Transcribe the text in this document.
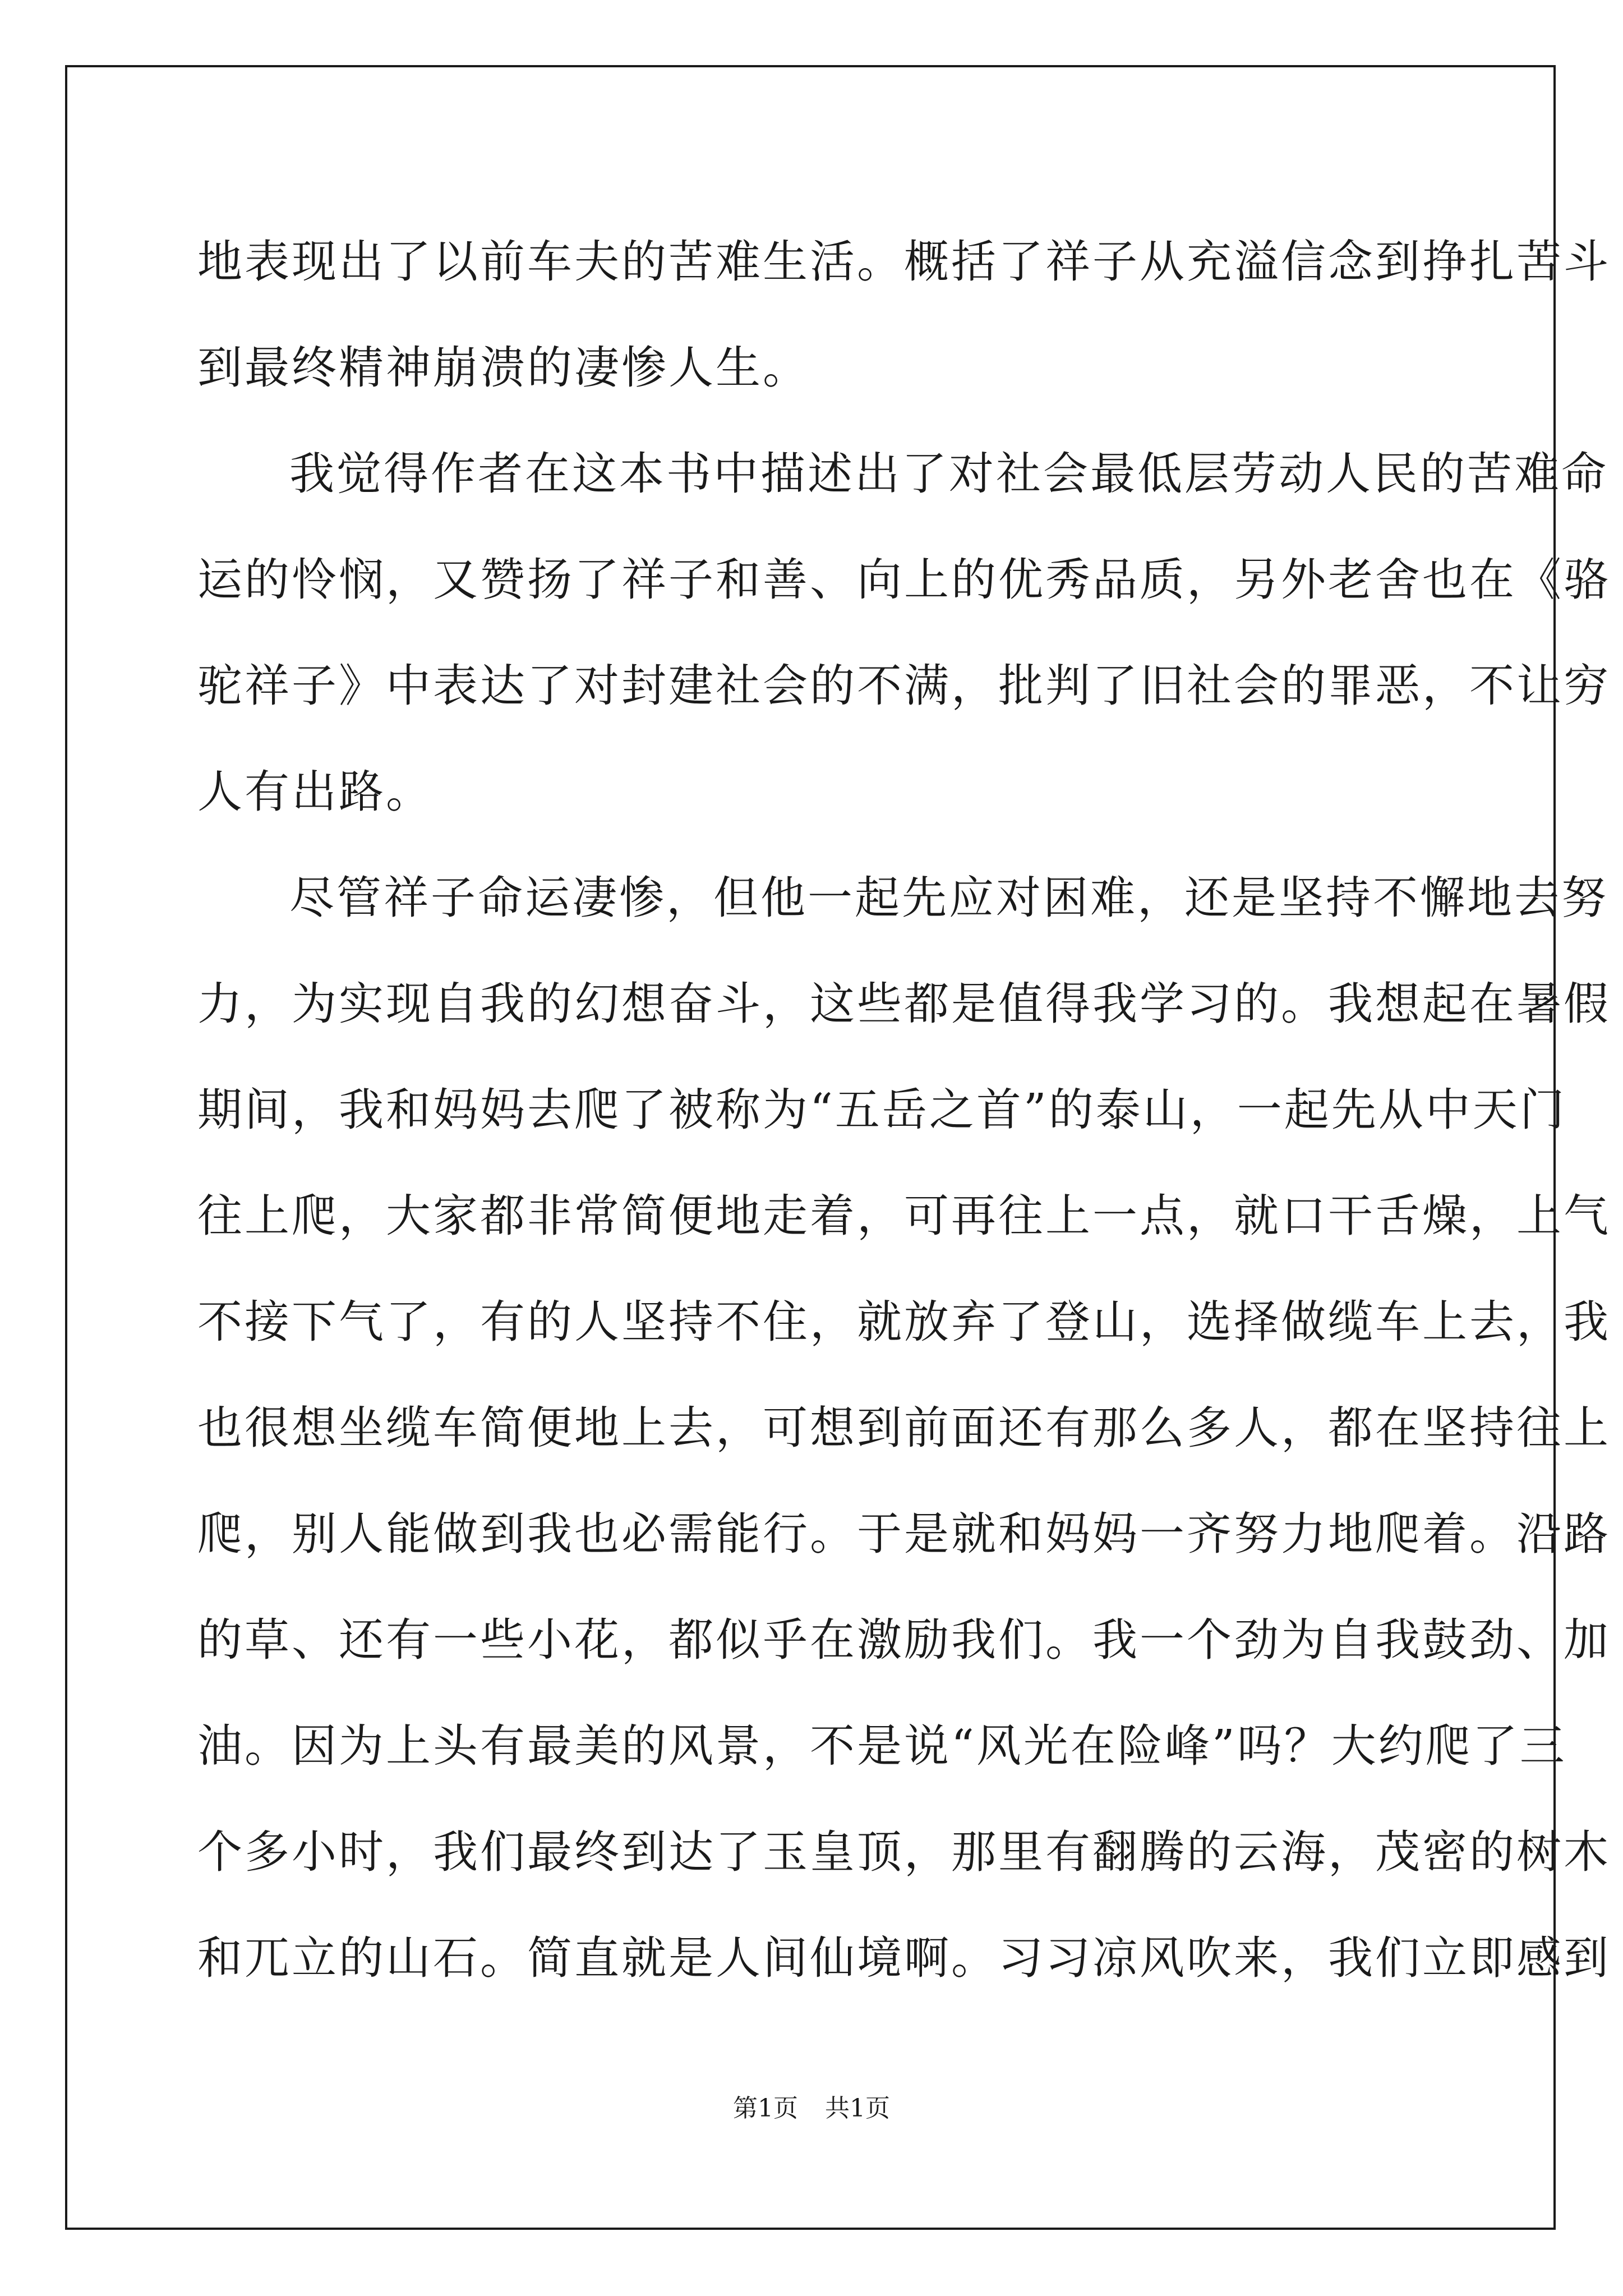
地表现出了以前车夫的苦难生活。概括了祥子从充溢信念到挣扎苦斗
到最终精神崩溃的凄惨人生。
我觉得作者在这本书中描述出了对社会最低层劳动人民的苦难命
运的怜悯，又赞扬了祥子和善、向上的优秀品质，另外老舍也在《骆
驼祥子》中表达了对封建社会的不满，批判了旧社会的罪恶，不让穷
人有出路。
尽管祥子命运凄惨，但他一起先应对困难，还是坚持不懈地去努
力，为实现自我的幻想奋斗，这些都是值得我学习的。我想起在暑假
期间，我和妈妈去爬了被称为“五岳之首”的泰山，一起先从中天门
往上爬，大家都非常简便地走着，可再往上一点，就口干舌燥，上气
不接下气了，有的人坚持不住，就放弃了登山，选择做缆车上去，我
也很想坐缆车简便地上去，可想到前面还有那么多人，都在坚持往上
爬，别人能做到我也必需能行。于是就和妈妈一齐努力地爬着。沿路
的草、还有一些小花，都似乎在激励我们。我一个劲为自我鼓劲、加
油。因为上头有最美的风景，不是说“风光在险峰”吗？大约爬了三
个多小时，我们最终到达了玉皇顶，那里有翻腾的云海，茂密的树木
和兀立的山石。简直就是人间仙境啊。习习凉风吹来，我们立即感到
第1页 共1页
